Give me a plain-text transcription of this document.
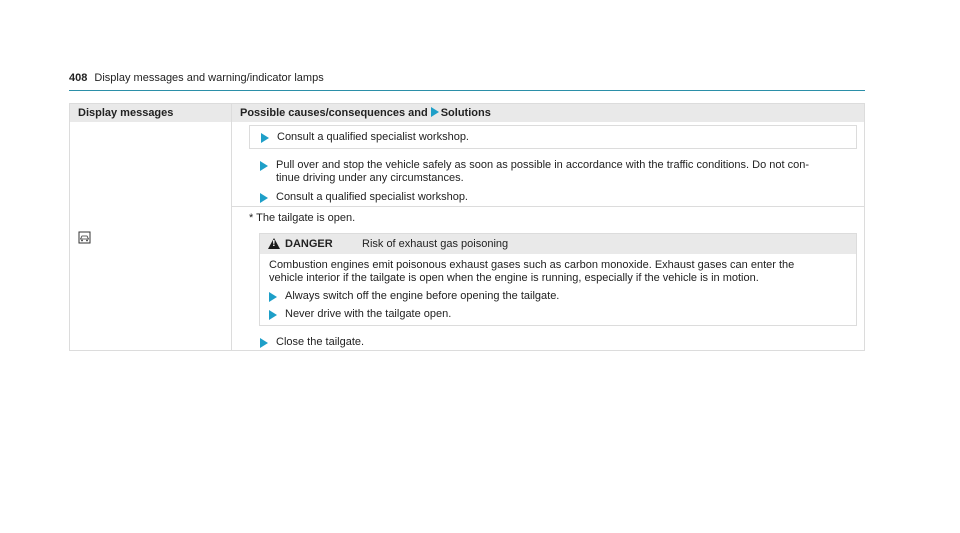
408 Display messages and warning/indicator lamps
Display messages	Possible causes/consequences and Solutions
Consult a qualified specialist workshop.
Pull over and stop the vehicle safely as soon as possible in accordance with the traffic conditions. Do not con-
tinue driving under any circumstances.
Consult a qualified specialist workshop.
* The tailgate is open.
!
DANGER	Risk of exhaust gas poisoning
Combustion engines emit poisonous exhaust gases such as carbon monoxide. Exhaust gases can enter the
vehicle interior if the tailgate is open when the engine is running, especially if the vehicle is in motion.
Always switch off the engine before opening the tailgate.
Never drive with the tailgate open.
Close the tailgate.
